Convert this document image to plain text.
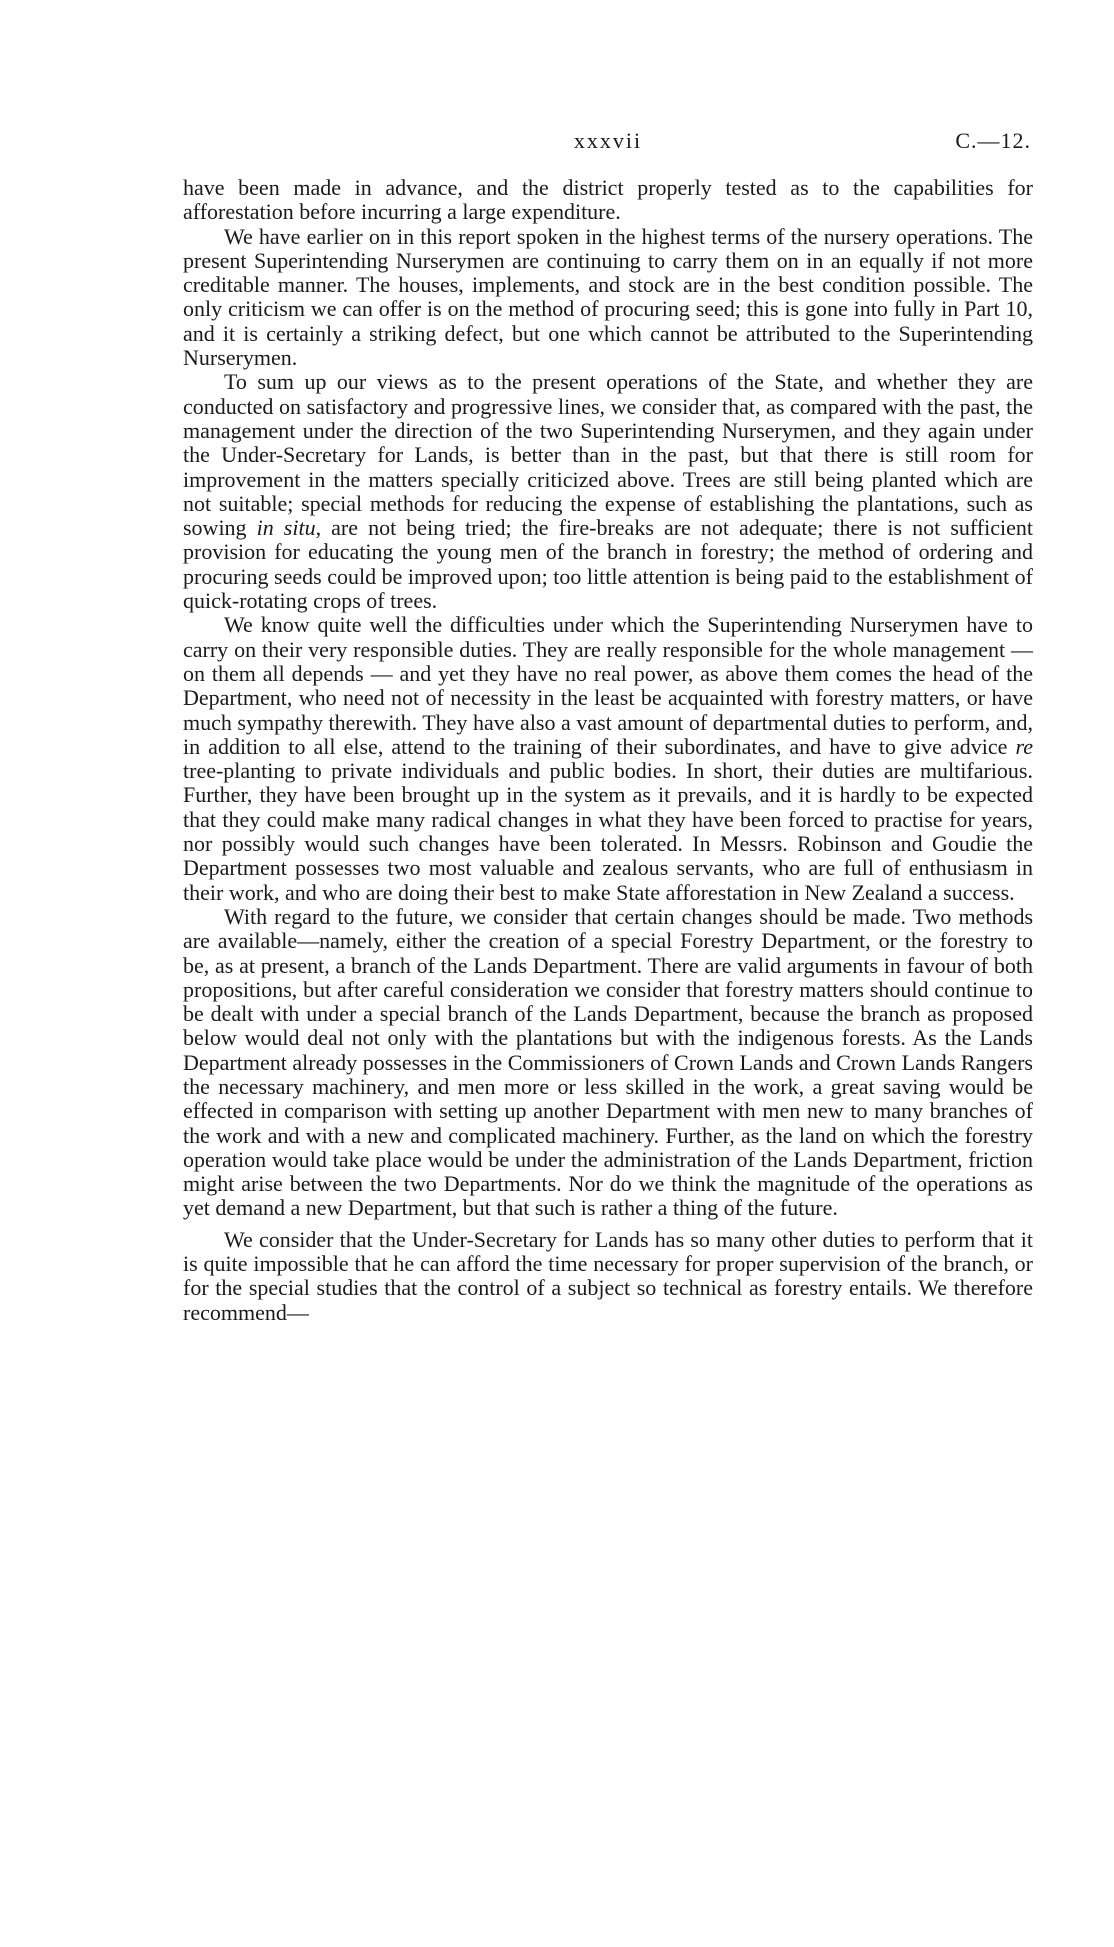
xxxvii	C.—12.

have been made in advance, and the district properly tested as to the capabilities for afforestation before incurring a large expenditure.

We have earlier on in this report spoken in the highest terms of the nursery operations. The present Superintending Nurserymen are continuing to carry them on in an equally if not more creditable manner. The houses, implements, and stock are in the best condition possible. The only criticism we can offer is on the method of procuring seed; this is gone into fully in Part 10, and it is certainly a striking defect, but one which cannot be attributed to the Superintending Nurserymen.

To sum up our views as to the present operations of the State, and whether they are conducted on satisfactory and progressive lines, we consider that, as compared with the past, the management under the direction of the two Superintending Nurserymen, and they again under the Under-Secretary for Lands, is better than in the past, but that there is still room for improvement in the matters specially criticized above. Trees are still being planted which are not suitable; special methods for reducing the expense of establishing the plantations, such as sowing in situ, are not being tried; the fire-breaks are not adequate; there is not sufficient provision for educating the young men of the branch in forestry; the method of ordering and procuring seeds could be improved upon; too little attention is being paid to the establishment of quick-rotating crops of trees.

We know quite well the difficulties under which the Superintending Nurserymen have to carry on their very responsible duties. They are really responsible for the whole management — on them all depends — and yet they have no real power, as above them comes the head of the Department, who need not of necessity in the least be acquainted with forestry matters, or have much sympathy therewith. They have also a vast amount of departmental duties to perform, and, in addition to all else, attend to the training of their subordinates, and have to give advice re tree-planting to private individuals and public bodies. In short, their duties are multifarious. Further, they have been brought up in the system as it prevails, and it is hardly to be expected that they could make many radical changes in what they have been forced to practise for years, nor possibly would such changes have been tolerated. In Messrs. Robinson and Goudie the Department possesses two most valuable and zealous servants, who are full of enthusiasm in their work, and who are doing their best to make State afforestation in New Zealand a success.

With regard to the future, we consider that certain changes should be made. Two methods are available—namely, either the creation of a special Forestry Department, or the forestry to be, as at present, a branch of the Lands Department. There are valid arguments in favour of both propositions, but after careful consideration we consider that forestry matters should continue to be dealt with under a special branch of the Lands Department, because the branch as proposed below would deal not only with the plantations but with the indigenous forests. As the Lands Department already possesses in the Commissioners of Crown Lands and Crown Lands Rangers the necessary machinery, and men more or less skilled in the work, a great saving would be effected in comparison with setting up another Department with men new to many branches of the work and with a new and complicated machinery. Further, as the land on which the forestry operation would take place would be under the administration of the Lands Department, friction might arise between the two Departments. Nor do we think the magnitude of the operations as yet demand a new Department, but that such is rather a thing of the future.

We consider that the Under-Secretary for Lands has so many other duties to perform that it is quite impossible that he can afford the time necessary for proper supervision of the branch, or for the special studies that the control of a subject so technical as forestry entails. We therefore recommend—
